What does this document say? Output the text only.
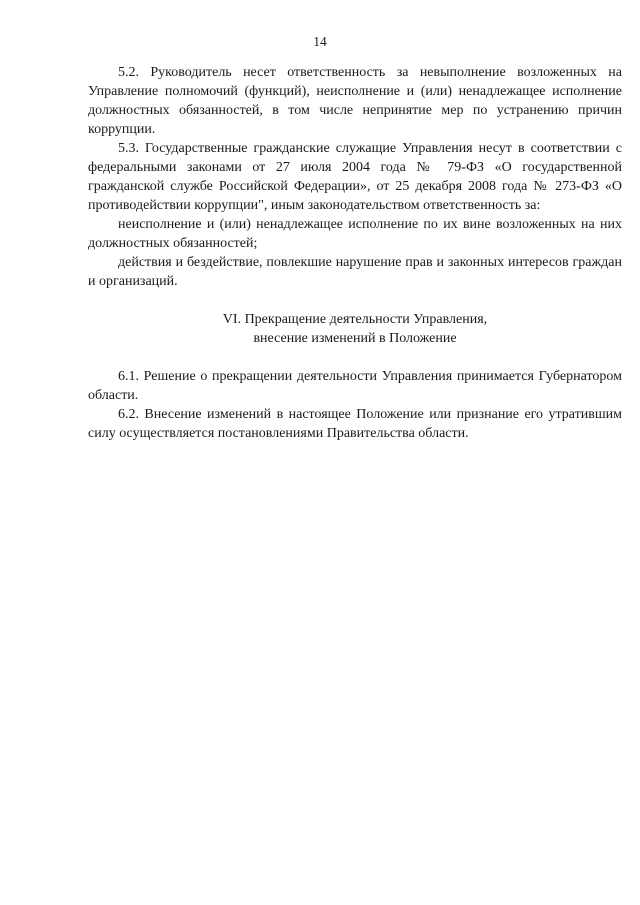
14

5.2. Руководитель несет ответственность за невыполнение возложенных на Управление полномочий (функций), неисполнение и (или) ненадлежащее исполнение должностных обязанностей, в том числе непринятие мер по устранению причин коррупции.

5.3. Государственные гражданские служащие Управления несут в соответствии с федеральными законами от 27 июля 2004 года № 79-ФЗ «О государственной гражданской службе Российской Федерации», от 25 декабря 2008 года № 273-ФЗ «О противодействии коррупции", иным законодательством ответственность за:

неисполнение и (или) ненадлежащее исполнение по их вине возложенных на них должностных обязанностей;

действия и бездействие, повлекшие нарушение прав и законных интересов граждан и организаций.

VI. Прекращение деятельности Управления,
внесение изменений в Положение

6.1. Решение о прекращении деятельности Управления принимается Губернатором области.

6.2. Внесение изменений в настоящее Положение или признание его утратившим силу осуществляется постановлениями Правительства области.
